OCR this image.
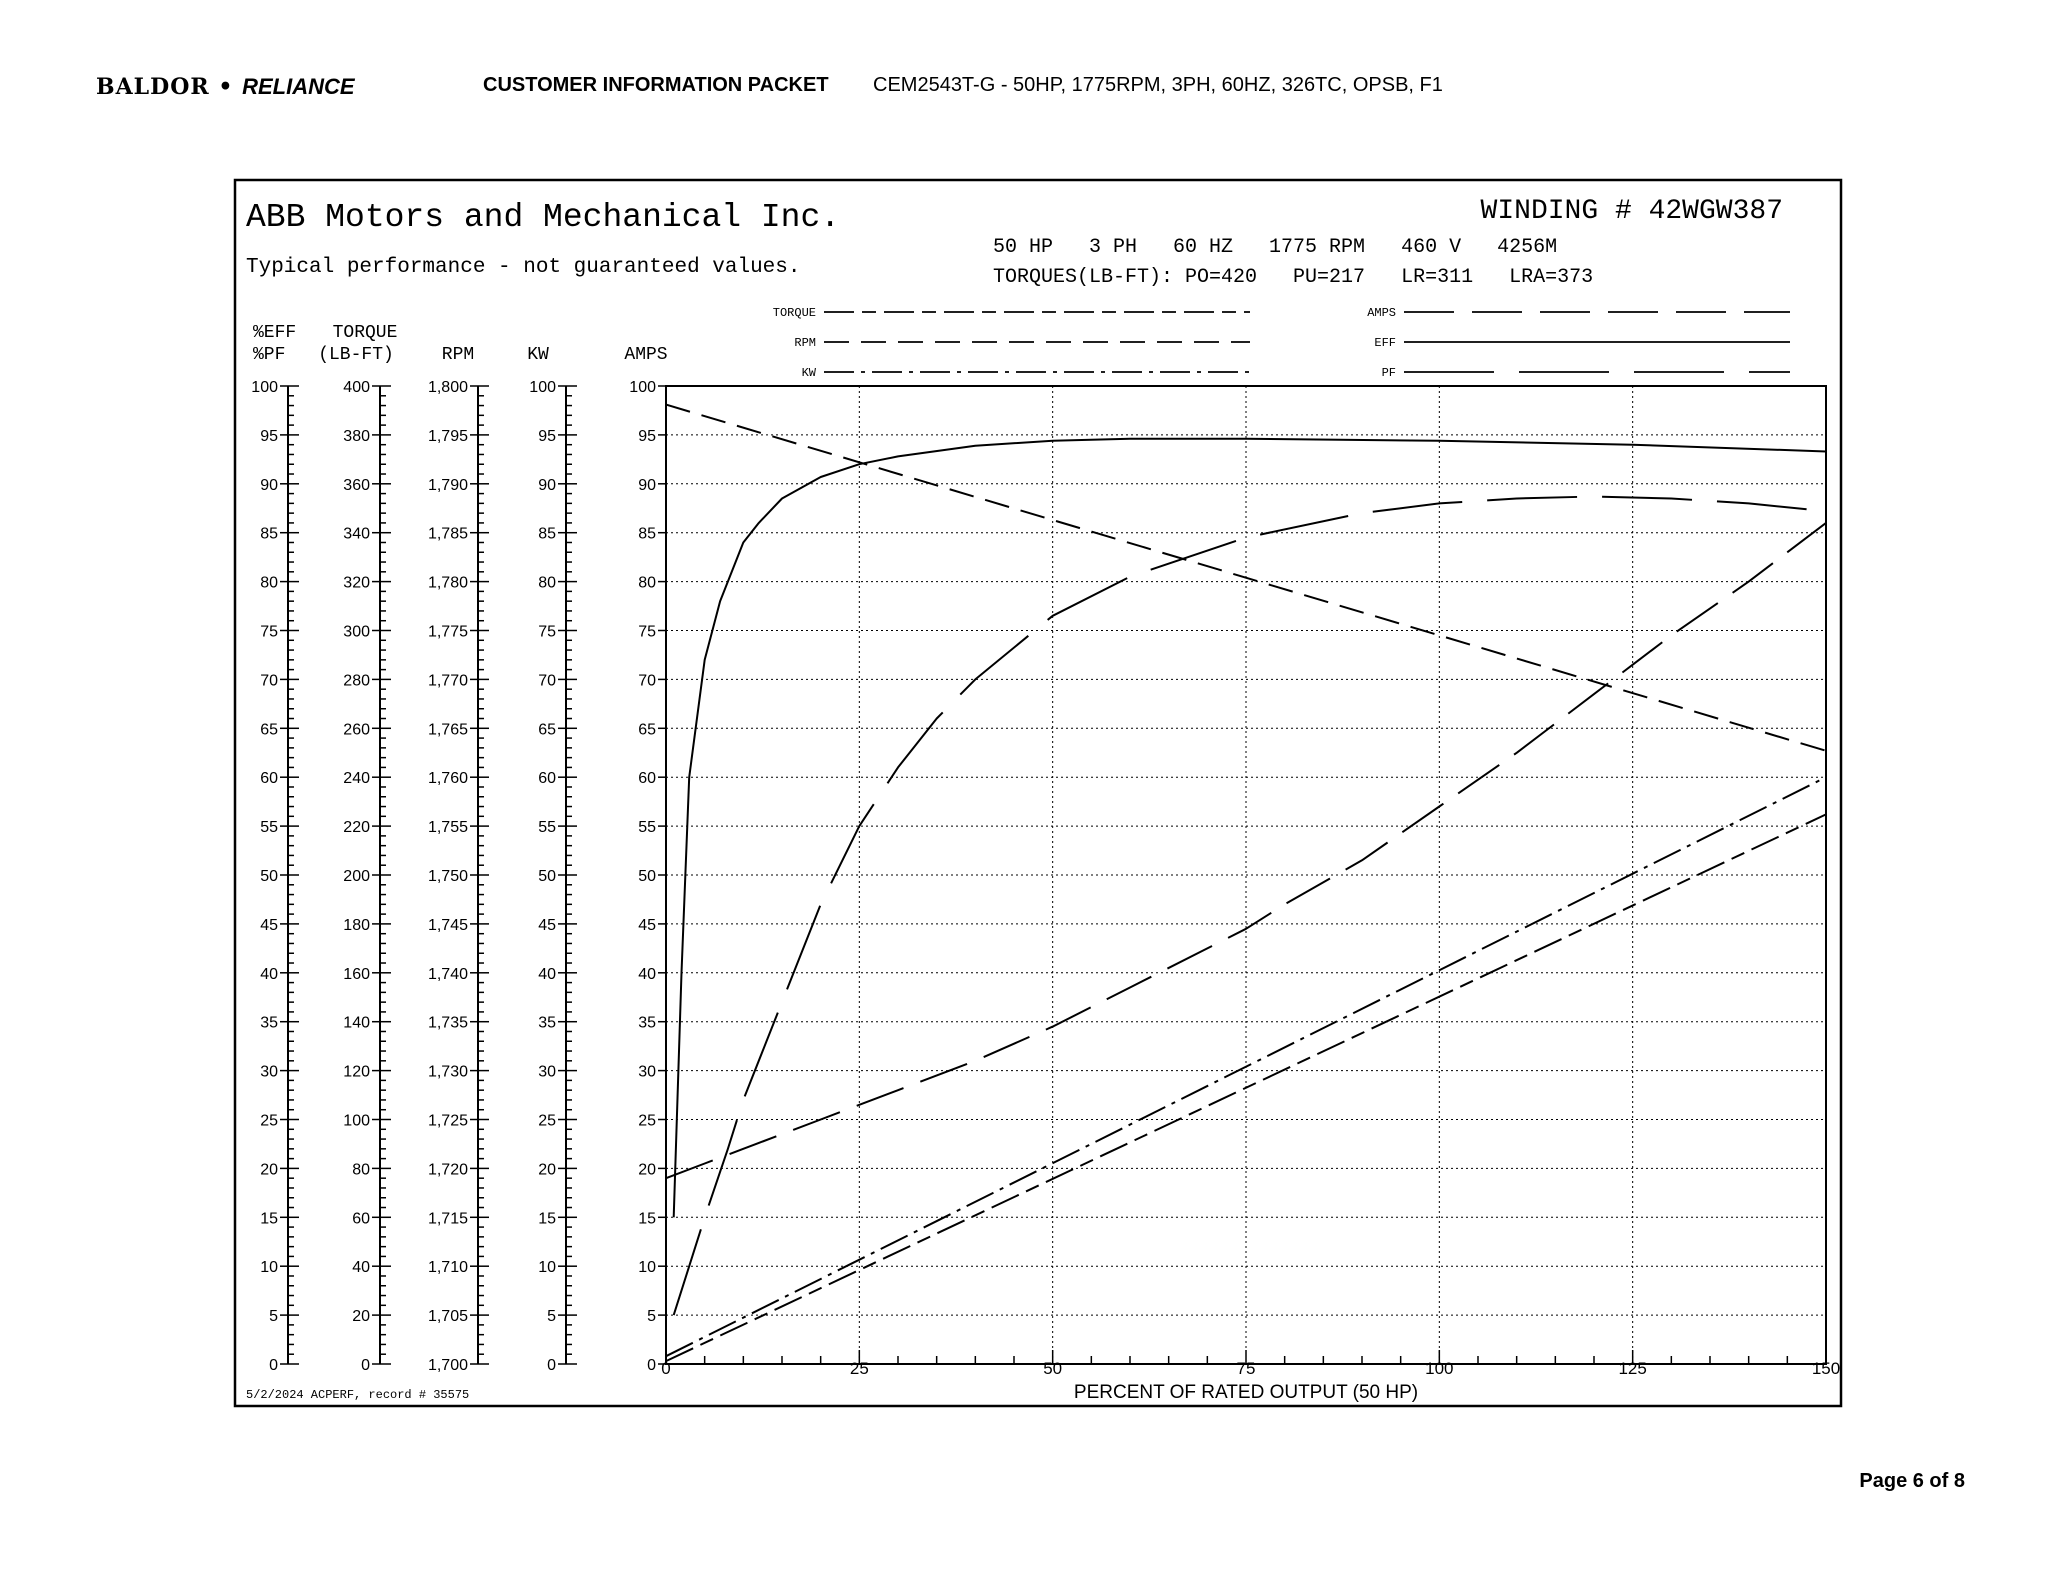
BALDOR • RELIANCE	CUSTOMER INFORMATION PACKET CEM2543T-G - 50HP, 1775RPM, 3PH, 60HZ, 326TC, OPSB, F1
ABB Motors and Mechanical Inc.
Typical performance - not guaranteed values.
WINDING # 42WGW387
50 HP   3 PH   60 HZ   1775 RPM   460 V   4256M
TORQUES(LB-FT): PO=420   PU=217   LR=311   LRA=373
%EFF
%PF
TORQUE
(LB-FT)	RPM	KW	AMPS
100
95
90
85
80
75
70
65
60
55
50
45
40
35
30
25
20
15
10
5
0
400
380
360
340
320
300
280
260
240
220
200
180
160
140
120
100
80
60
40
20
0
1,800
1,795
1,790
1,785
1,780
1,775
1,770
1,765
1,760
1,755
1,750
1,745
1,740
1,735
1,730
1,725
1,720
1,715
1,710
1,705
1,700
100
95
90
85
80
75
70
65
60
55
50
45
40
35
30
25
20
15
10
5
0
100
95
90
85
80
75
70
65
60
55
50
45
40
35
30
25
20
15
10
5
0
TORQUE
RPM
KW
AMPS
EFF
PF
0	25	50	75	100	125	150
PERCENT OF RATED OUTPUT (50 HP)
5/2/2024 ACPERF, record # 35575
Page 6 of 8
